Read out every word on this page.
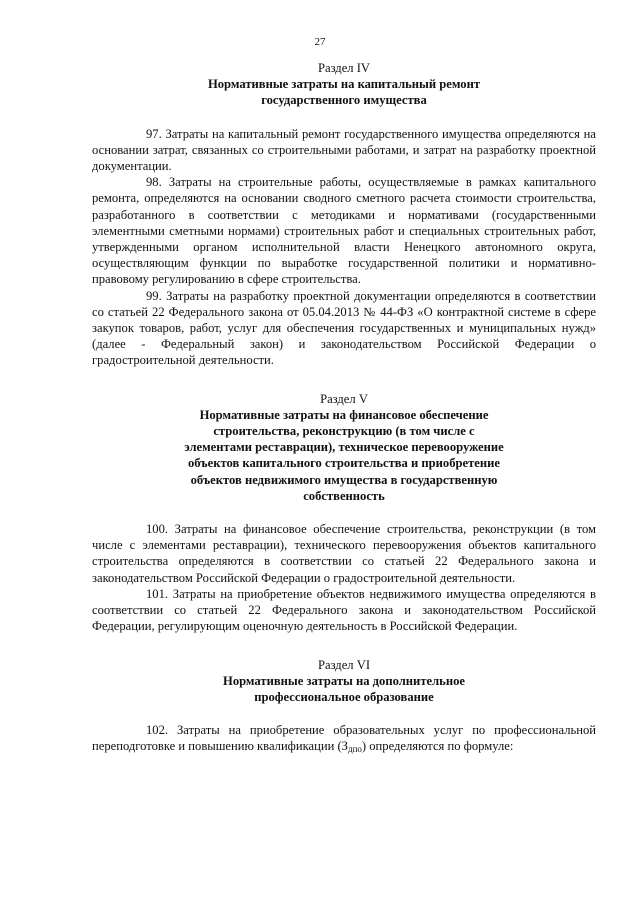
27
Раздел IV
Нормативные затраты на капитальный ремонт
государственного имущества

97. Затраты на капитальный ремонт государственного имущества определяются на основании затрат, связанных со строительными работами, и затрат на разработку проектной документации.

98. Затраты на строительные работы, осуществляемые в рамках капитального ремонта, определяются на основании сводного сметного расчета стоимости строительства, разработанного в соответствии с методиками и нормативами (государственными элементными сметными нормами) строительных работ и специальных строительных работ, утвержденными органом исполнительной власти Ненецкого автономного округа, осуществляющим функции по выработке государственной политики и нормативно-правовому регулированию в сфере строительства.

99. Затраты на разработку проектной документации определяются в соответствии со статьей 22 Федерального закона от 05.04.2013 № 44-ФЗ «О контрактной системе в сфере закупок товаров, работ, услуг для обеспечения государственных и муниципальных нужд» (далее - Федеральный закон) и законодательством Российской Федерации о градостроительной деятельности.

Раздел V
Нормативные затраты на финансовое обеспечение
строительства, реконструкцию (в том числе с
элементами реставрации), техническое перевооружение
объектов капитального строительства и приобретение
объектов недвижимого имущества в государственную
собственность

100. Затраты на финансовое обеспечение строительства, реконструкции (в том числе с элементами реставрации), технического перевооружения объектов капитального строительства определяются в соответствии со статьей 22 Федерального закона и законодательством Российской Федерации о градостроительной деятельности.

101. Затраты на приобретение объектов недвижимого имущества определяются в соответствии со статьей 22 Федерального закона и законодательством Российской Федерации, регулирующим оценочную деятельность в Российской Федерации.

Раздел VI
Нормативные затраты на дополнительное
профессиональное образование

102. Затраты на приобретение образовательных услуг по профессиональной переподготовке и повышению квалификации $(З_{дпо})$ определяются по формуле:
